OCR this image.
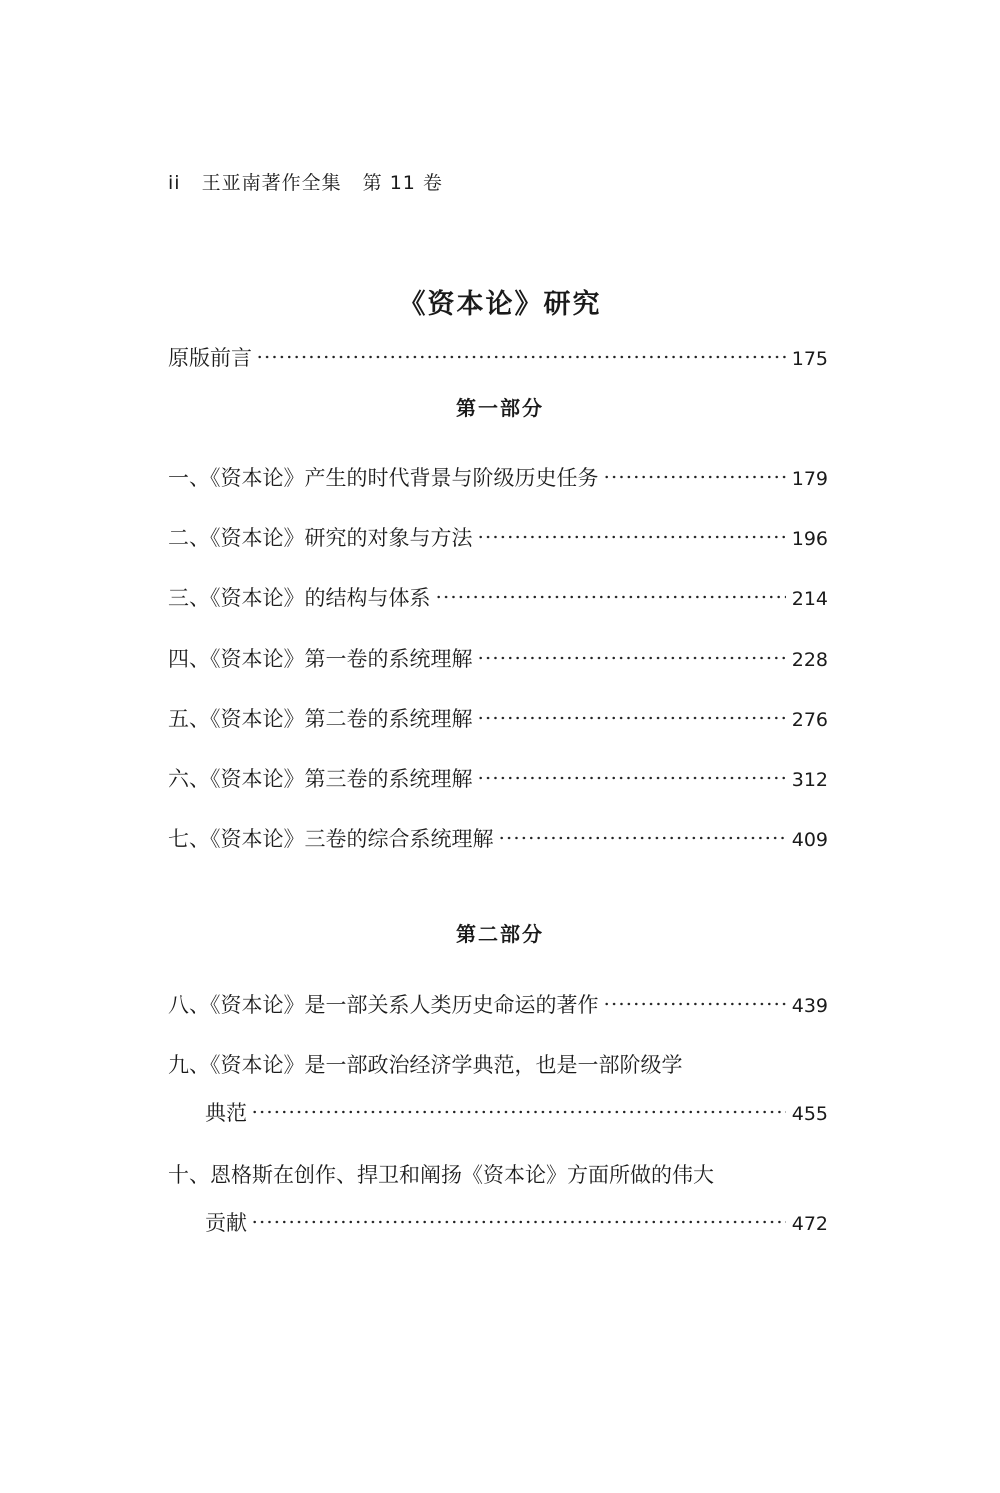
ii 王亚南著作全集 第 11 卷
《资本论》研究
原版前言	175
第一部分
一、《资本论》产生的时代背景与阶级历史任务	179
二、《资本论》研究的对象与方法	196
三、《资本论》的结构与体系	214
四、《资本论》第一卷的系统理解	228
五、《资本论》第二卷的系统理解	276
六、《资本论》第三卷的系统理解	312
七、《资本论》三卷的综合系统理解	409
第二部分
八、《资本论》是一部关系人类历史命运的著作	439
九、《资本论》是一部政治经济学典范，也是一部阶级学
典范	455
十、恩格斯在创作、捍卫和阐扬《资本论》方面所做的伟大
贡献	472
